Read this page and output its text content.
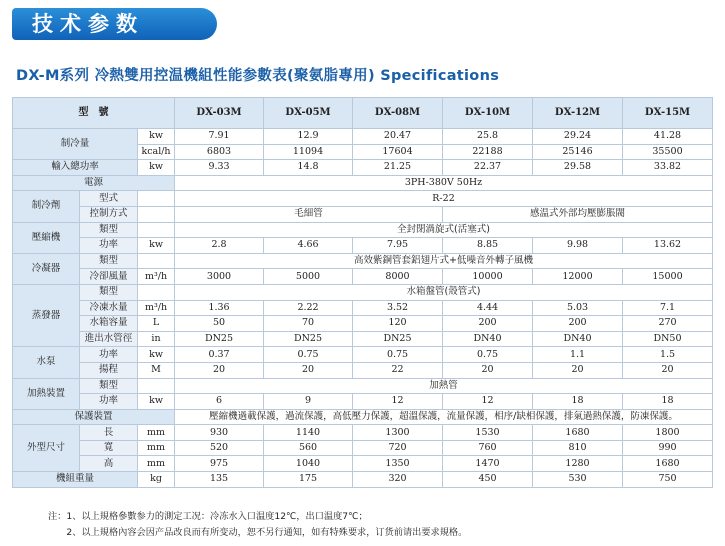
技术参数
DX-M系列 冷熱雙用控温機組性能参數表(聚氨脂專用) Specifications
型　號			DX-03M	DX-05M	DX-08M	DX-10M	DX-12M	DX-15M
制冷量		kw	7.91	12.9	20.47	25.8	29.24	41.28
		kcal/h	6803	11094	17604	22188	25146	35500
輸入總功率		kw	9.33	14.8	21.25	22.37	29.58	33.82
電源			3PH-380V 50Hz					
制冷劑	型式		R-22					
	控制方式		毛細管			感温式外部均壓膨脹閥		
壓縮機	類型		全封閉渦旋式(活塞式)					
	功率	kw	2.8	4.66	7.95	8.85	9.98	13.62
冷凝器	類型		高效紫銅管套鋁翅片式+低噪音外轉子風機					
	冷卻風量	m³/h	3000	5000	8000	10000	12000	15000
蒸發器	類型		水箱盤管(殼管式)					
	冷凍水量	m³/h	1.36	2.22	3.52	4.44	5.03	7.1
	水箱容量	L	50	70	120	200	200	270
	進出水管徑	in	DN25	DN25	DN25	DN40	DN40	DN50
水泵	功率	kw	0.37	0.75	0.75	0.75	1.1	1.5
	揚程	M	20	20	22	20	20	20
加熱裝置	類型		加熱管					
	功率	kw	6	9	12	12	18	18
保護裝置			壓縮機過載保護，過流保護，高低壓力保護，超溫保護，流量保護，相序/缺相保護，排氣過熱保護，防凍保護。					
外型尺寸	長	mm	930	1140	1300	1530	1680	1800
	寬	mm	520	560	720	760	810	990
	高	mm	975	1040	1350	1470	1280	1680
機組重量		kg	135	175	320	450	530	750
注：1、以上規格參數参力的測定工况：冷冻水入口温度12℃，出口温度7℃；
　　2、以上規格內容会因产品改良而有所变动，恕不另行通知，如有特殊要求，订货前请出要求規格。
